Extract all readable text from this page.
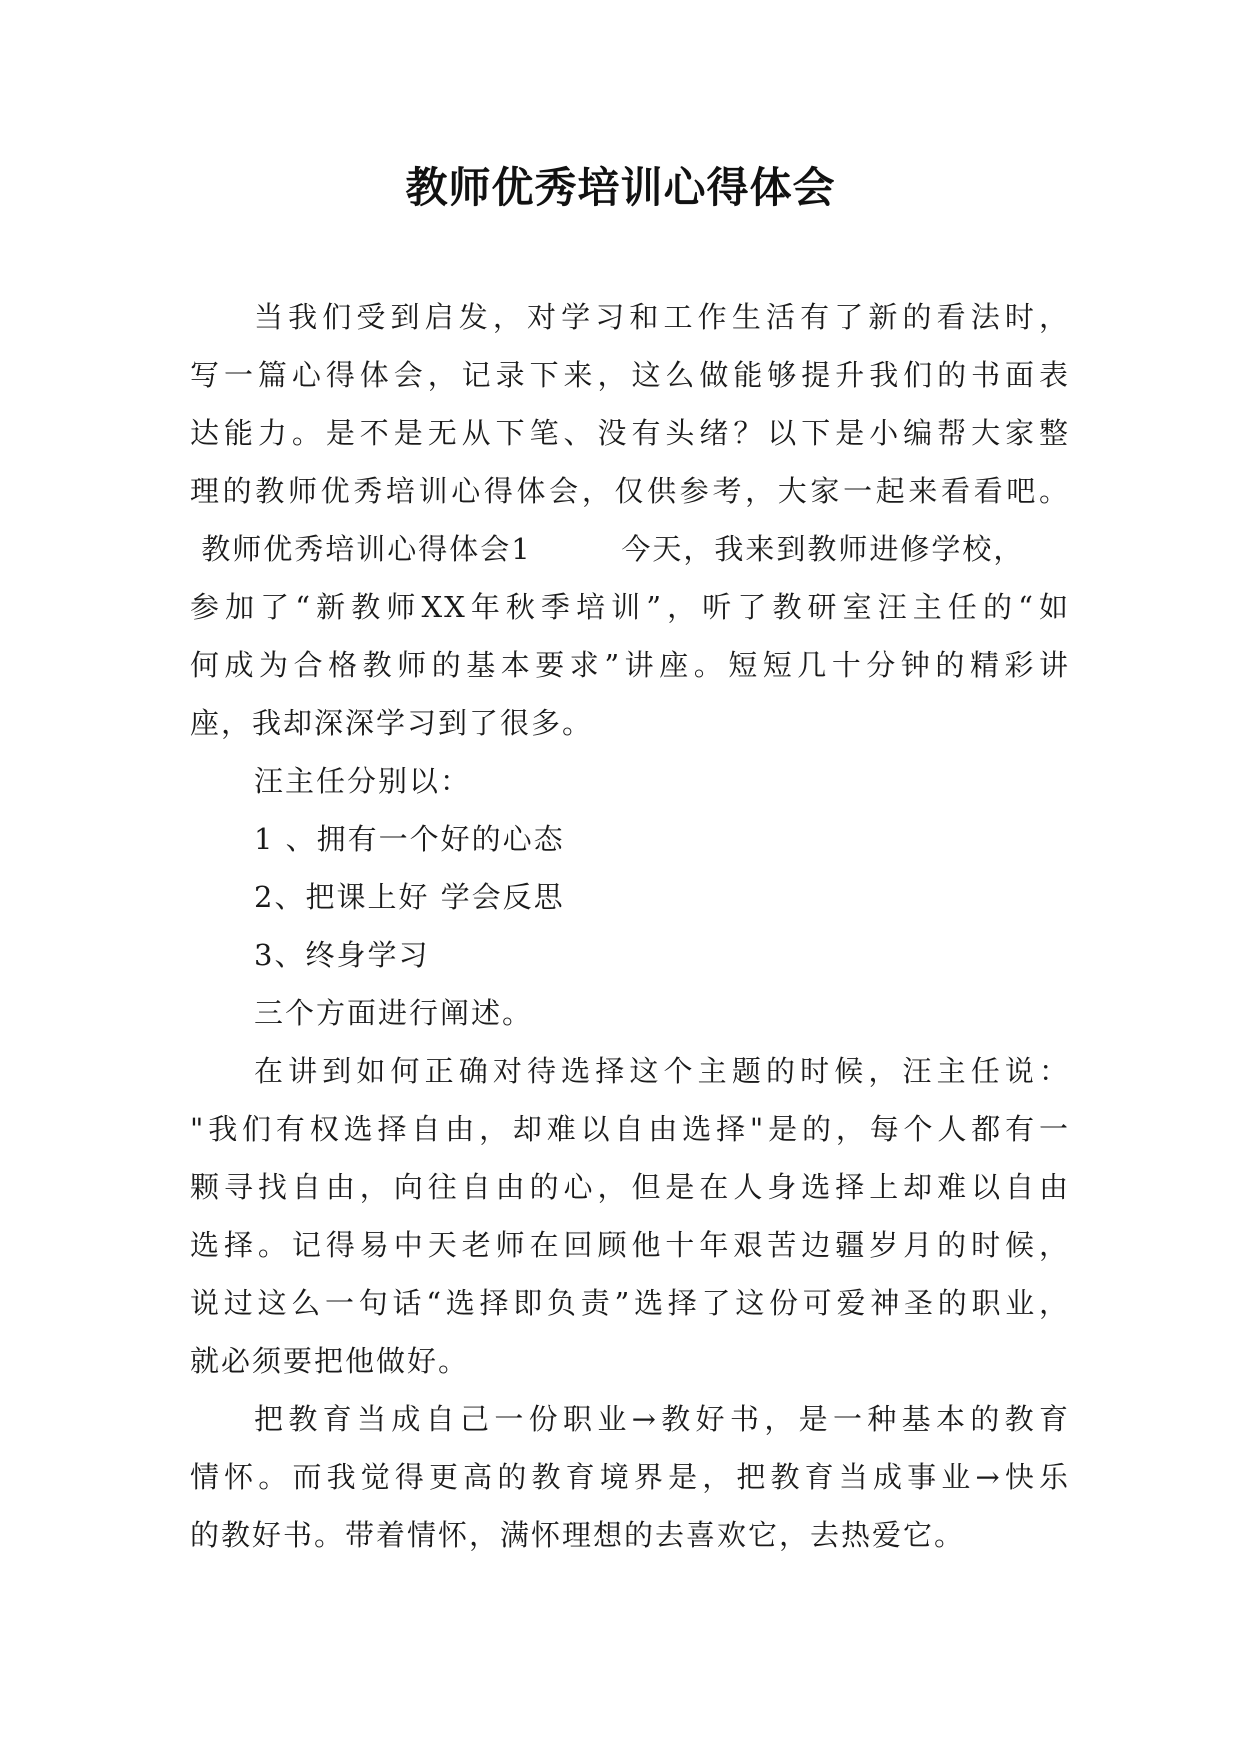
教师优秀培训心得体会
当我们受到启发，对学习和工作生活有了新的看法时，
写一篇心得体会，记录下来，这么做能够提升我们的书面表
达能力。是不是无从下笔、没有头绪？以下是小编帮大家整
理的教师优秀培训心得体会，仅供参考，大家一起来看看吧。
教师优秀培训心得体会1        今天，我来到教师进修学校，
参加了“新教师XX年秋季培训”，听了教研室汪主任的“如
何成为合格教师的基本要求”讲座。短短几十分钟的精彩讲
座，我却深深学习到了很多。
汪主任分别以：
1 、拥有一个好的心态
2、把课上好 学会反思
3、终身学习
三个方面进行阐述。
在讲到如何正确对待选择这个主题的时候，汪主任说：
"我们有权选择自由，却难以自由选择"是的，每个人都有一
颗寻找自由，向往自由的心，但是在人身选择上却难以自由
选择。记得易中天老师在回顾他十年艰苦边疆岁月的时候，
说过这么一句话“选择即负责”选择了这份可爱神圣的职业，
就必须要把他做好。
把教育当成自己一份职业→教好书，是一种基本的教育
情怀。而我觉得更高的教育境界是，把教育当成事业→快乐
的教好书。带着情怀，满怀理想的去喜欢它，去热爱它。
